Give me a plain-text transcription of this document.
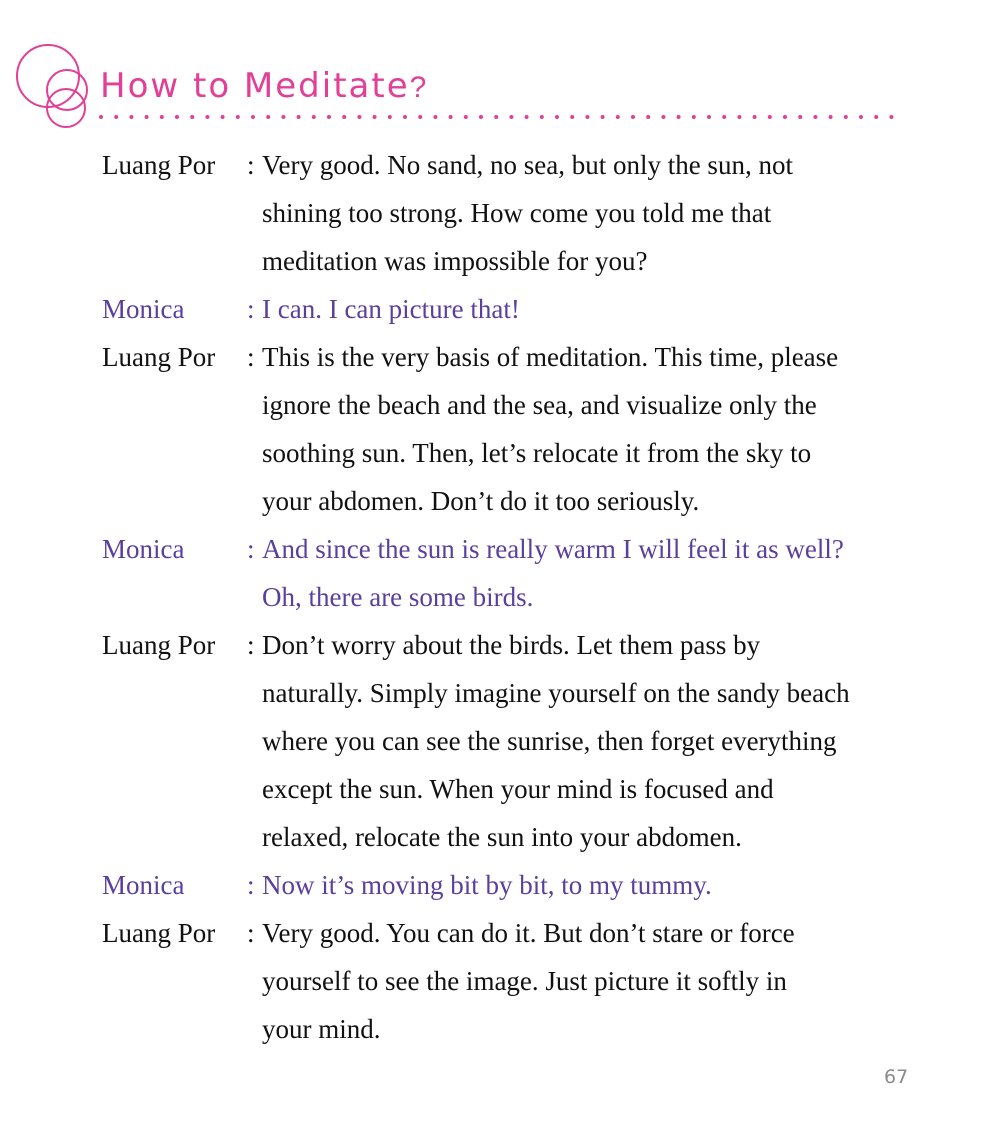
How to Meditate?
Luang Por	: Very good. No sand, no sea, but only the sun, not
shining too strong. How come you told me that
meditation was impossible for you?
Monica	: I can. I can picture that!
Luang Por	: This is the very basis of meditation. This time, please
ignore the beach and the sea, and visualize only the
soothing sun. Then, let’s relocate it from the sky to
your abdomen. Don’t do it too seriously.
Monica	: And since the sun is really warm I will feel it as well?
Oh, there are some birds.
Luang Por	: Don’t worry about the birds. Let them pass by
naturally. Simply imagine yourself on the sandy beach
where you can see the sunrise, then forget everything
except the sun. When your mind is focused and
relaxed, relocate the sun into your abdomen.
Monica	: Now it’s moving bit by bit, to my tummy.
Luang Por	: Very good. You can do it. But don’t stare or force
yourself to see the image. Just picture it softly in
your mind.
67
